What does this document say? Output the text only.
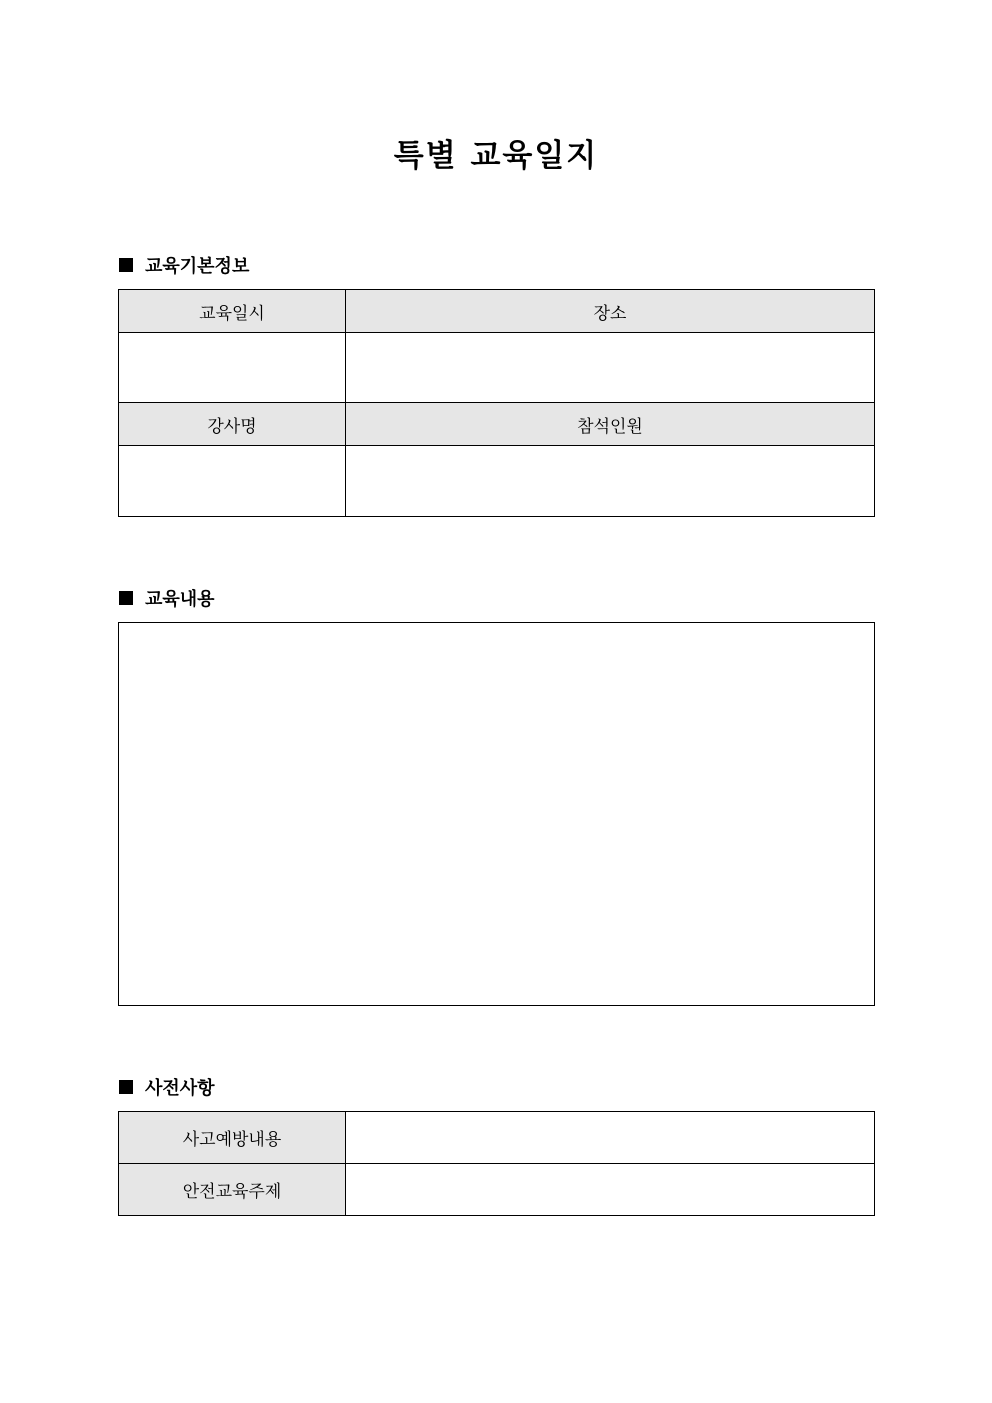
특별 교육일지
교육기본정보
교육일시	장소

강사명	참석인원

교육내용
사전사항
사고예방내용	
안전교육주제	
